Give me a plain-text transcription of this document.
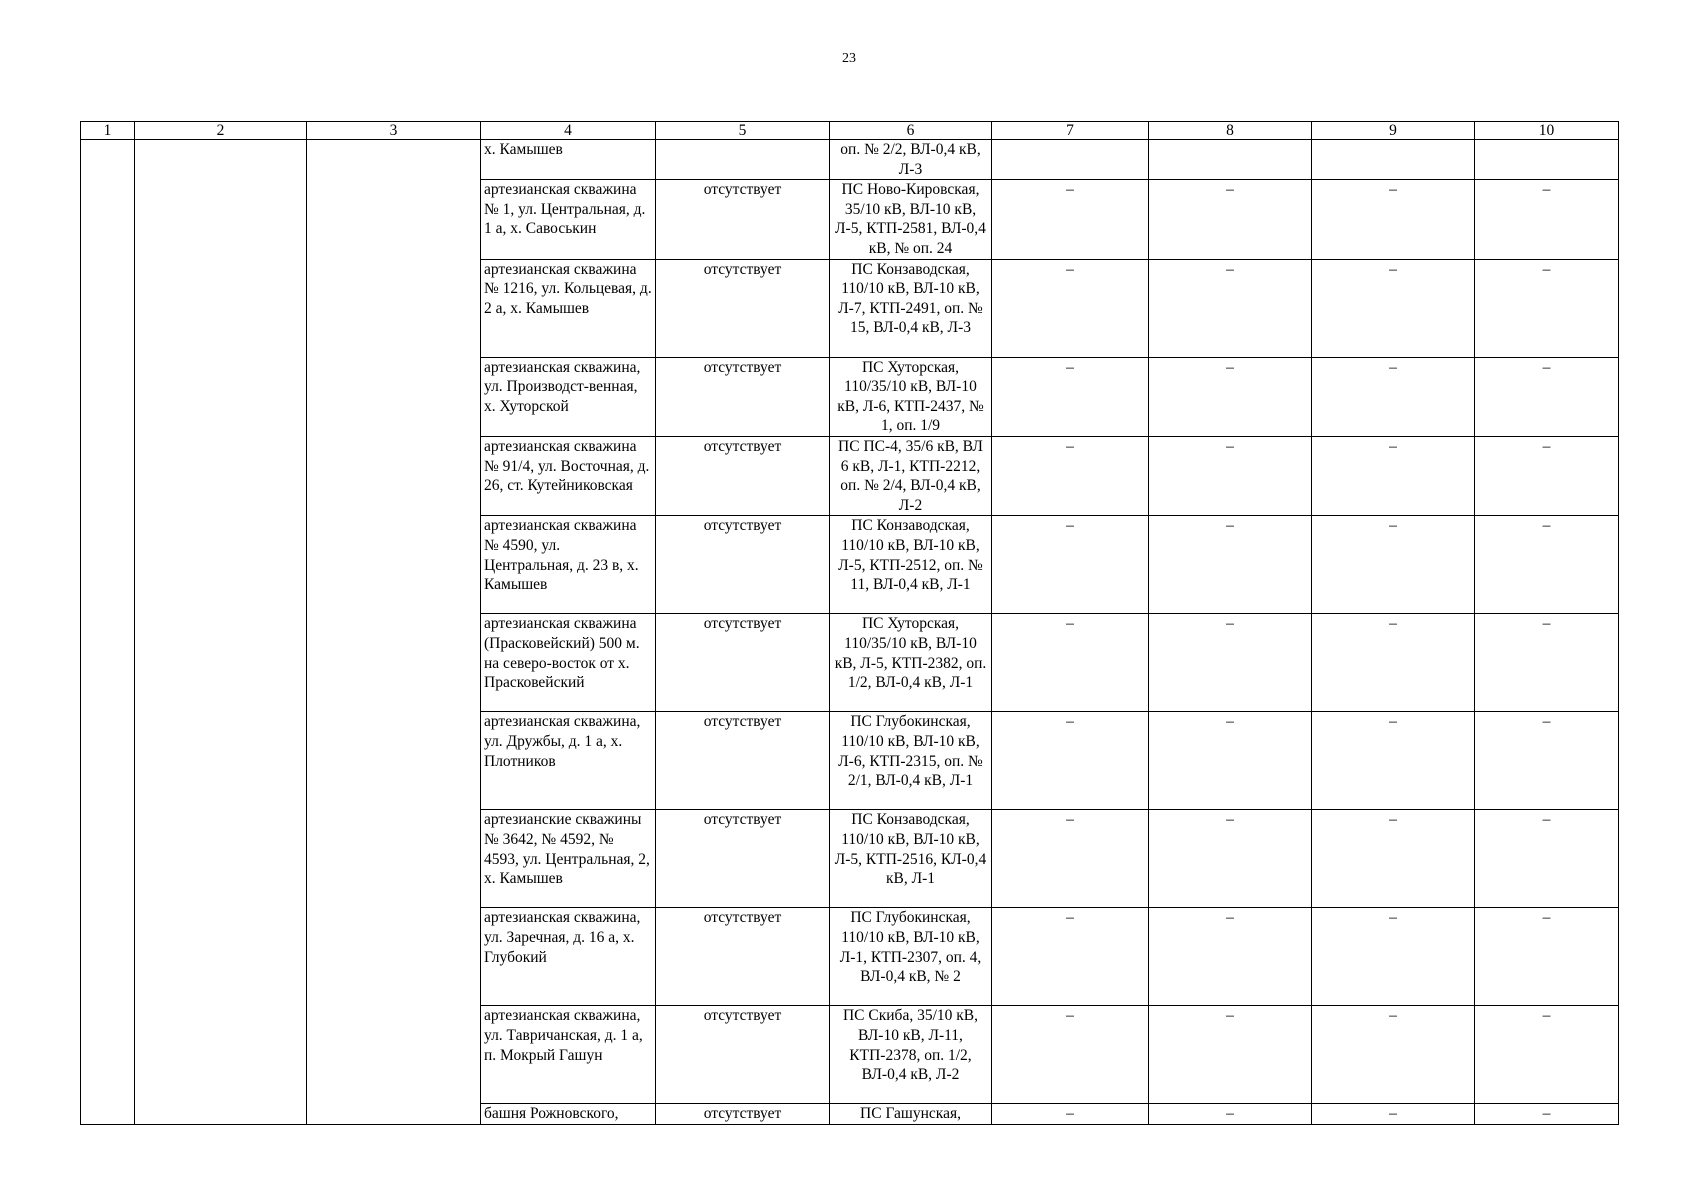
23
1	2	3	4	5	6	7	8	9	10
			х. Камышев		оп. № 2/2, ВЛ-0,4 кВ, Л-3				
			артезианская скважина № 1, ул. Центральная, д. 1 а, х. Савоськин	отсутствует	ПС Ново-Кировская, 35/10 кВ, ВЛ-10 кВ, Л-5, КТП-2581, ВЛ-0,4 кВ, № оп. 24	–	–	–	–
			артезианская скважина № 1216, ул. Кольцевая, д. 2 а, х. Камышев	отсутствует	ПС Конзаводская, 110/10 кВ, ВЛ-10 кВ, Л-7, КТП-2491, оп. № 15, ВЛ-0,4 кВ, Л-3	–	–	–	–
			артезианская скважина, ул. Производст-венная, х. Хуторской	отсутствует	ПС Хуторская, 110/35/10 кВ, ВЛ-10 кВ, Л-6, КТП-2437, № 1, оп. 1/9	–	–	–	–
			артезианская скважина № 91/4, ул. Восточная, д. 26, ст. Кутейниковская	отсутствует	ПС ПС-4, 35/6 кВ, ВЛ 6 кВ, Л-1, КТП-2212, оп. № 2/4, ВЛ-0,4 кВ, Л-2	–	–	–	–
			артезианская скважина № 4590, ул. Центральная, д. 23 в, х. Камышев	отсутствует	ПС Конзаводская, 110/10 кВ, ВЛ-10 кВ, Л-5, КТП-2512, оп. № 11, ВЛ-0,4 кВ, Л-1	–	–	–	–
			артезианская скважина (Прасковейский) 500 м. на северо-восток от х. Прасковейский	отсутствует	ПС Хуторская, 110/35/10 кВ, ВЛ-10 кВ, Л-5, КТП-2382, оп. 1/2, ВЛ-0,4 кВ, Л-1	–	–	–	–
			артезианская скважина, ул. Дружбы, д. 1 а, х. Плотников	отсутствует	ПС Глубокинская, 110/10 кВ, ВЛ-10 кВ, Л-6, КТП-2315, оп. № 2/1, ВЛ-0,4 кВ, Л-1	–	–	–	–
			артезианские скважины № 3642, № 4592, № 4593, ул. Центральная, 2, х. Камышев	отсутствует	ПС Конзаводская, 110/10 кВ, ВЛ-10 кВ, Л-5, КТП-2516, КЛ-0,4 кВ, Л-1	–	–	–	–
			артезианская скважина, ул. Заречная, д. 16 а, х. Глубокий	отсутствует	ПС Глубокинская, 110/10 кВ, ВЛ-10 кВ, Л-1, КТП-2307, оп. 4, ВЛ-0,4 кВ, № 2	–	–	–	–
			артезианская скважина, ул. Тавричанская, д. 1 а, п. Мокрый Гашун	отсутствует	ПС Скиба, 35/10 кВ, ВЛ-10 кВ, Л-11, КТП-2378, оп. 1/2, ВЛ-0,4 кВ, Л-2	–	–	–	–
			башня Рожновского,	отсутствует	ПС Гашунская,	–	–	–	–
